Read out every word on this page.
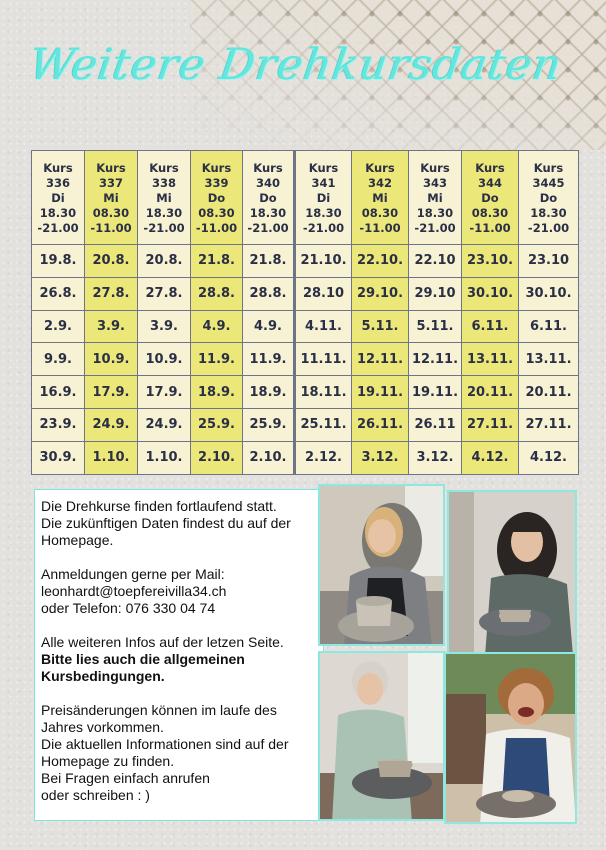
Weitere Drehkursdaten
Kurs
336
Di
18.30
-21.00	Kurs
337
Mi
08.30
-11.00	Kurs
338
Mi
18.30
-21.00	Kurs
339
Do
08.30
-11.00	Kurs
340
Do
18.30
-21.00	Kurs
341
Di
18.30
-21.00	Kurs
342
Mi
08.30
-11.00	Kurs
343
Mi
18.30
-21.00	Kurs
344
Do
08.30
-11.00	Kurs
3445
Do
18.30
-21.00

19.8.	20.8.	20.8.	21.8.	21.8.	21.10.	22.10.	22.10	23.10.	23.10
26.8.	27.8.	27.8.	28.8.	28.8.	28.10	29.10.	29.10	30.10.	30.10.
2.9.	3.9.	3.9.	4.9.	4.9.	4.11.	5.11.	5.11.	6.11.	6.11.
9.9.	10.9.	10.9.	11.9.	11.9.	11.11.	12.11.	12.11.	13.11.	13.11.
16.9.	17.9.	17.9.	18.9.	18.9.	18.11.	19.11.	19.11.	20.11.	20.11.
23.9.	24.9.	24.9.	25.9.	25.9.	25.11.	26.11.	26.11	27.11.	27.11.
30.9.	1.10.	1.10.	2.10.	2.10.	2.12.	3.12.	3.12.	4.12.	4.12.

Die Drehkurse finden fortlaufend statt.

Die zukünftigen Daten findest du auf der

Homepage.

Anmeldungen gerne per Mail:

leonhardt@toepfereivilla34.ch

oder Telefon: 076 330 04 74

Alle weiteren Infos auf der letzen Seite.

Bitte lies auch die allgemeinen

Kursbedingungen.

Preisänderungen können im laufe des

Jahres vorkommen.

Die aktuellen Informationen sind auf der

Homepage zu finden.

Bei Fragen einfach anrufen

oder schreiben : )
